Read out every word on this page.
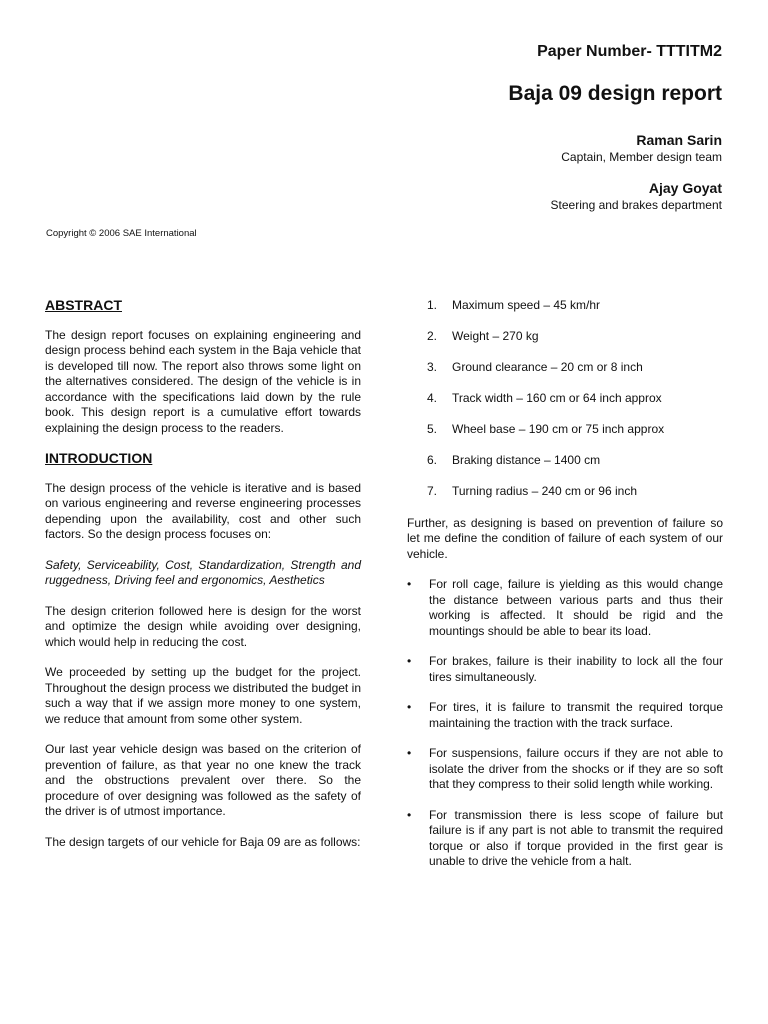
Paper Number- TTTITM2
Baja 09 design report
Raman Sarin
Captain, Member design team
Ajay Goyat
Steering and brakes department
Copyright © 2006 SAE International
ABSTRACT

The design report focuses on explaining engineering and design process behind each system in the Baja vehicle that is developed till now. The report also throws some light on the alternatives considered. The design of the vehicle is in accordance with the specifications laid down by the rule book. This design report is a cumulative effort towards explaining the design process to the readers.

INTRODUCTION

The design process of the vehicle is iterative and is based on various engineering and reverse engineering processes depending upon the availability, cost and other such factors. So the design process focuses on:

Safety, Serviceability, Cost, Standardization, Strength and ruggedness, Driving feel and ergonomics, Aesthetics

The design criterion followed here is design for the worst and optimize the design while avoiding over designing, which would help in reducing the cost.

We proceeded by setting up the budget for the project. Throughout the design process we distributed the budget in such a way that if we assign more money to one system, we reduce that amount from some other system.

Our last year vehicle design was based on the criterion of prevention of failure, as that year no one knew the track and the obstructions prevalent over there. So the procedure of over designing was followed as the safety of the driver is of utmost importance.

The design targets of our vehicle for Baja 09 are as follows:

1.	Maximum speed – 45 km/hr
2.	Weight – 270 kg
3.	Ground clearance – 20 cm or 8 inch
4.	Track width – 160 cm or 64 inch approx
5.	Wheel base – 190 cm or 75 inch approx
6.	Braking distance – 1400 cm
7.	Turning radius – 240 cm or 96 inch

Further, as designing is based on prevention of failure so let me define the condition of failure of each system of our vehicle.

•	For roll cage, failure is yielding as this would change the distance between various parts and thus their working is affected. It should be rigid and the mountings should be able to bear its load.
•	For brakes, failure is their inability to lock all the four tires simultaneously.
•	For tires, it is failure to transmit the required torque maintaining the traction with the track surface.
•	For suspensions, failure occurs if they are not able to isolate the driver from the shocks or if they are so soft that they compress to their solid length while working.
•	For transmission there is less scope of failure but failure is if any part is not able to transmit the required torque or also if torque provided in the first gear is unable to drive the vehicle from a halt.
